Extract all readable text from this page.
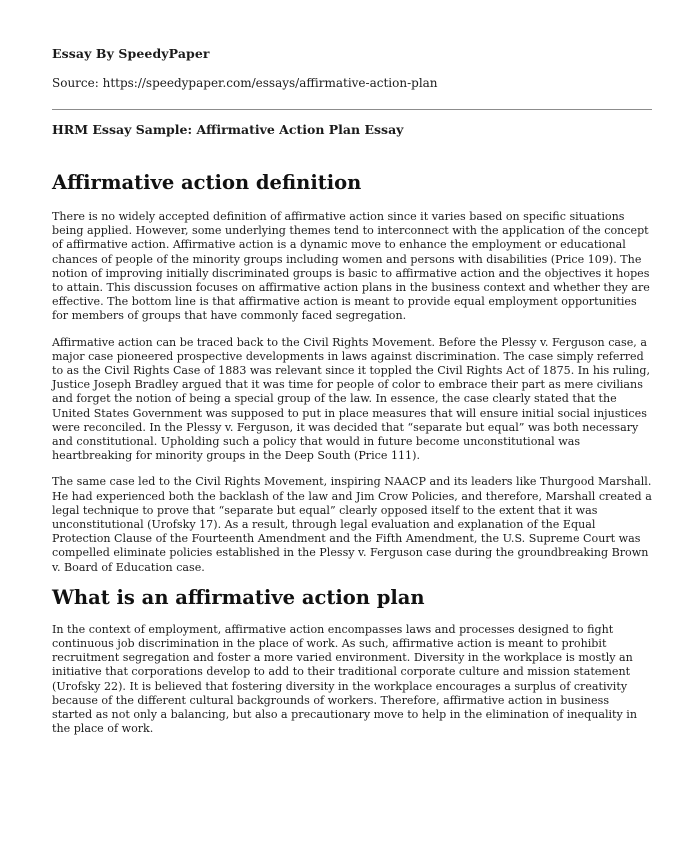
Essay By SpeedyPaper
Source: https://speedypaper.com/essays/affirmative-action-plan
HRM Essay Sample: Affirmative Action Plan Essay
Affirmative action definition

There is no widely accepted definition of affirmative action since it varies based on specific situations being applied. However, some underlying themes tend to interconnect with the application of the concept of affirmative action. Affirmative action is a dynamic move to enhance the employment or educational chances of people of the minority groups including women and persons with disabilities (Price 109). The notion of improving initially discriminated groups is basic to affirmative action and the objectives it hopes to attain. This discussion focuses on affirmative action plans in the business context and whether they are effective. The bottom line is that affirmative action is meant to provide equal employment opportunities for members of groups that have commonly faced segregation.

Affirmative action can be traced back to the Civil Rights Movement. Before the Plessy v. Ferguson case, a major case pioneered prospective developments in laws against discrimination. The case simply referred to as the Civil Rights Case of 1883 was relevant since it toppled the Civil Rights Act of 1875. In his ruling, Justice Joseph Bradley argued that it was time for people of color to embrace their part as mere civilians and forget the notion of being a special group of the law. In essence, the case clearly stated that the United States Government was supposed to put in place measures that will ensure initial social injustices were reconciled. In the Plessy v. Ferguson, it was decided that “separate but equal” was both necessary and constitutional. Upholding such a policy that would in future become unconstitutional was heartbreaking for minority groups in the Deep South (Price 111).

The same case led to the Civil Rights Movement, inspiring NAACP and its leaders like Thurgood Marshall. He had experienced both the backlash of the law and Jim Crow Policies, and therefore, Marshall created a legal technique to prove that “separate but equal” clearly opposed itself to the extent that it was unconstitutional (Urofsky 17). As a result, through legal evaluation and explanation of the Equal Protection Clause of the Fourteenth Amendment and the Fifth Amendment, the U.S. Supreme Court was compelled eliminate policies established in the Plessy v. Ferguson case during the groundbreaking Brown v. Board of Education case.

What is an affirmative action plan

In the context of employment, affirmative action encompasses laws and processes designed to fight continuous job discrimination in the place of work. As such, affirmative action is meant to prohibit recruitment segregation and foster a more varied environment. Diversity in the workplace is mostly an initiative that corporations develop to add to their traditional corporate culture and mission statement (Urofsky 22). It is believed that fostering diversity in the workplace encourages a surplus of creativity because of the different cultural backgrounds of workers. Therefore, affirmative action in business started as not only a balancing, but also a precautionary move to help in the elimination of inequality in the place of work.
